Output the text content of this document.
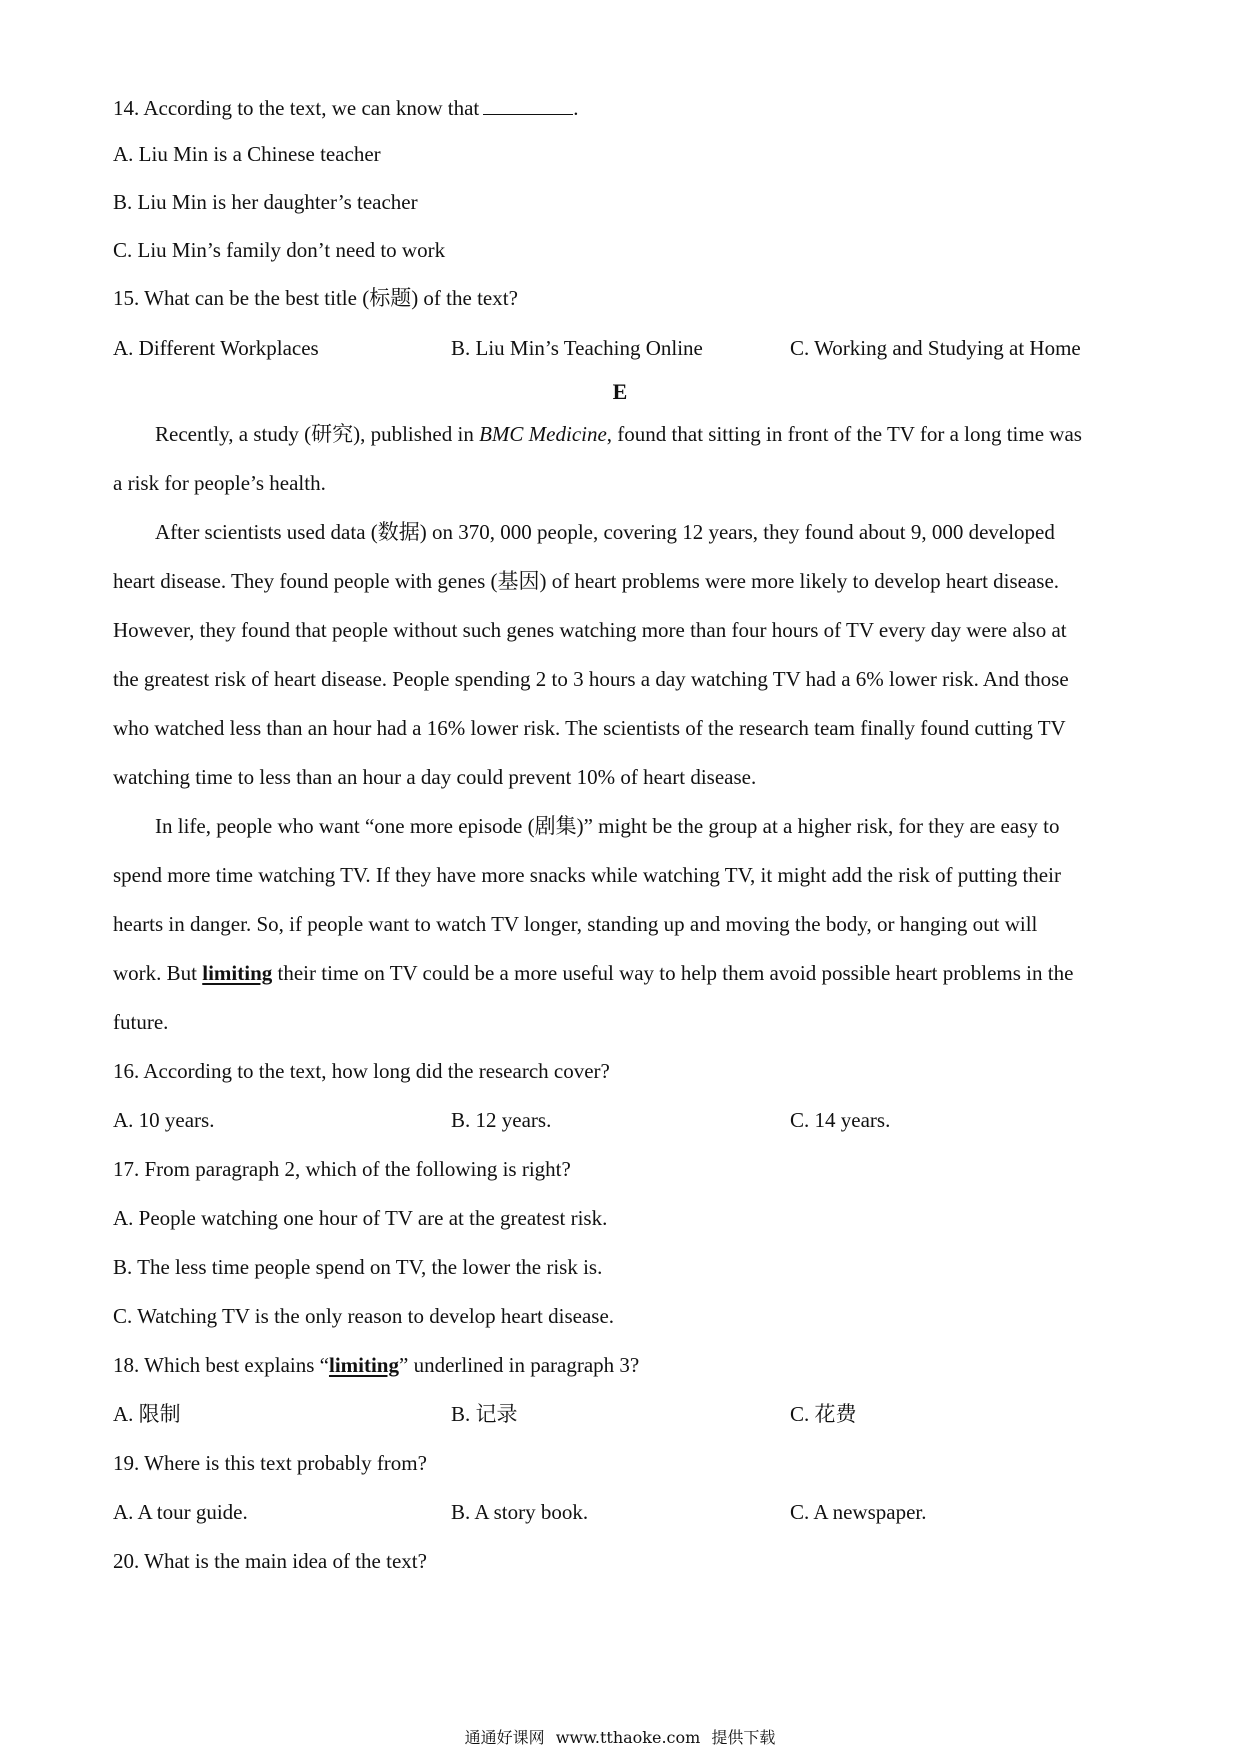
14. According to the text, we can know that	.
A. Liu Min is a Chinese teacher
B. Liu Min is her daughter’s teacher
C. Liu Min’s family don’t need to work
15. What can be the best title (标题) of the text?
A. Different Workplaces	B. Liu Min’s Teaching Online	C. Working and Studying at Home
E
Recently, a study (研究), published in BMC Medicine, found that sitting in front of the TV for a long time was
a risk for people’s health.
After scientists used data (数据) on 370, 000 people, covering 12 years, they found about 9, 000 developed
heart disease. They found people with genes (基因) of heart problems were more likely to develop heart disease.
However, they found that people without such genes watching more than four hours of TV every day were also at
the greatest risk of heart disease. People spending 2 to 3 hours a day watching TV had a 6% lower risk. And those
who watched less than an hour had a 16% lower risk. The scientists of the research team finally found cutting TV
watching time to less than an hour a day could prevent 10% of heart disease.
In life, people who want “one more episode (剧集)” might be the group at a higher risk, for they are easy to
spend more time watching TV. If they have more snacks while watching TV, it might add the risk of putting their
hearts in danger. So, if people want to watch TV longer, standing up and moving the body, or hanging out will
work. But limiting their time on TV could be a more useful way to help them avoid possible heart problems in the
future.
16. According to the text, how long did the research cover?
A. 10 years.	B. 12 years.	C. 14 years.
17. From paragraph 2, which of the following is right?
A. People watching one hour of TV are at the greatest risk.
B. The less time people spend on TV, the lower the risk is.
C. Watching TV is the only reason to develop heart disease.
18. Which best explains “limiting” underlined in paragraph 3?
A. 限制	B. 记录	C. 花费
19. Where is this text probably from?
A. A tour guide.	B. A story book.	C. A newspaper.
20. What is the main idea of the text?
通通好课网 www.tthaoke.com 提供下载
